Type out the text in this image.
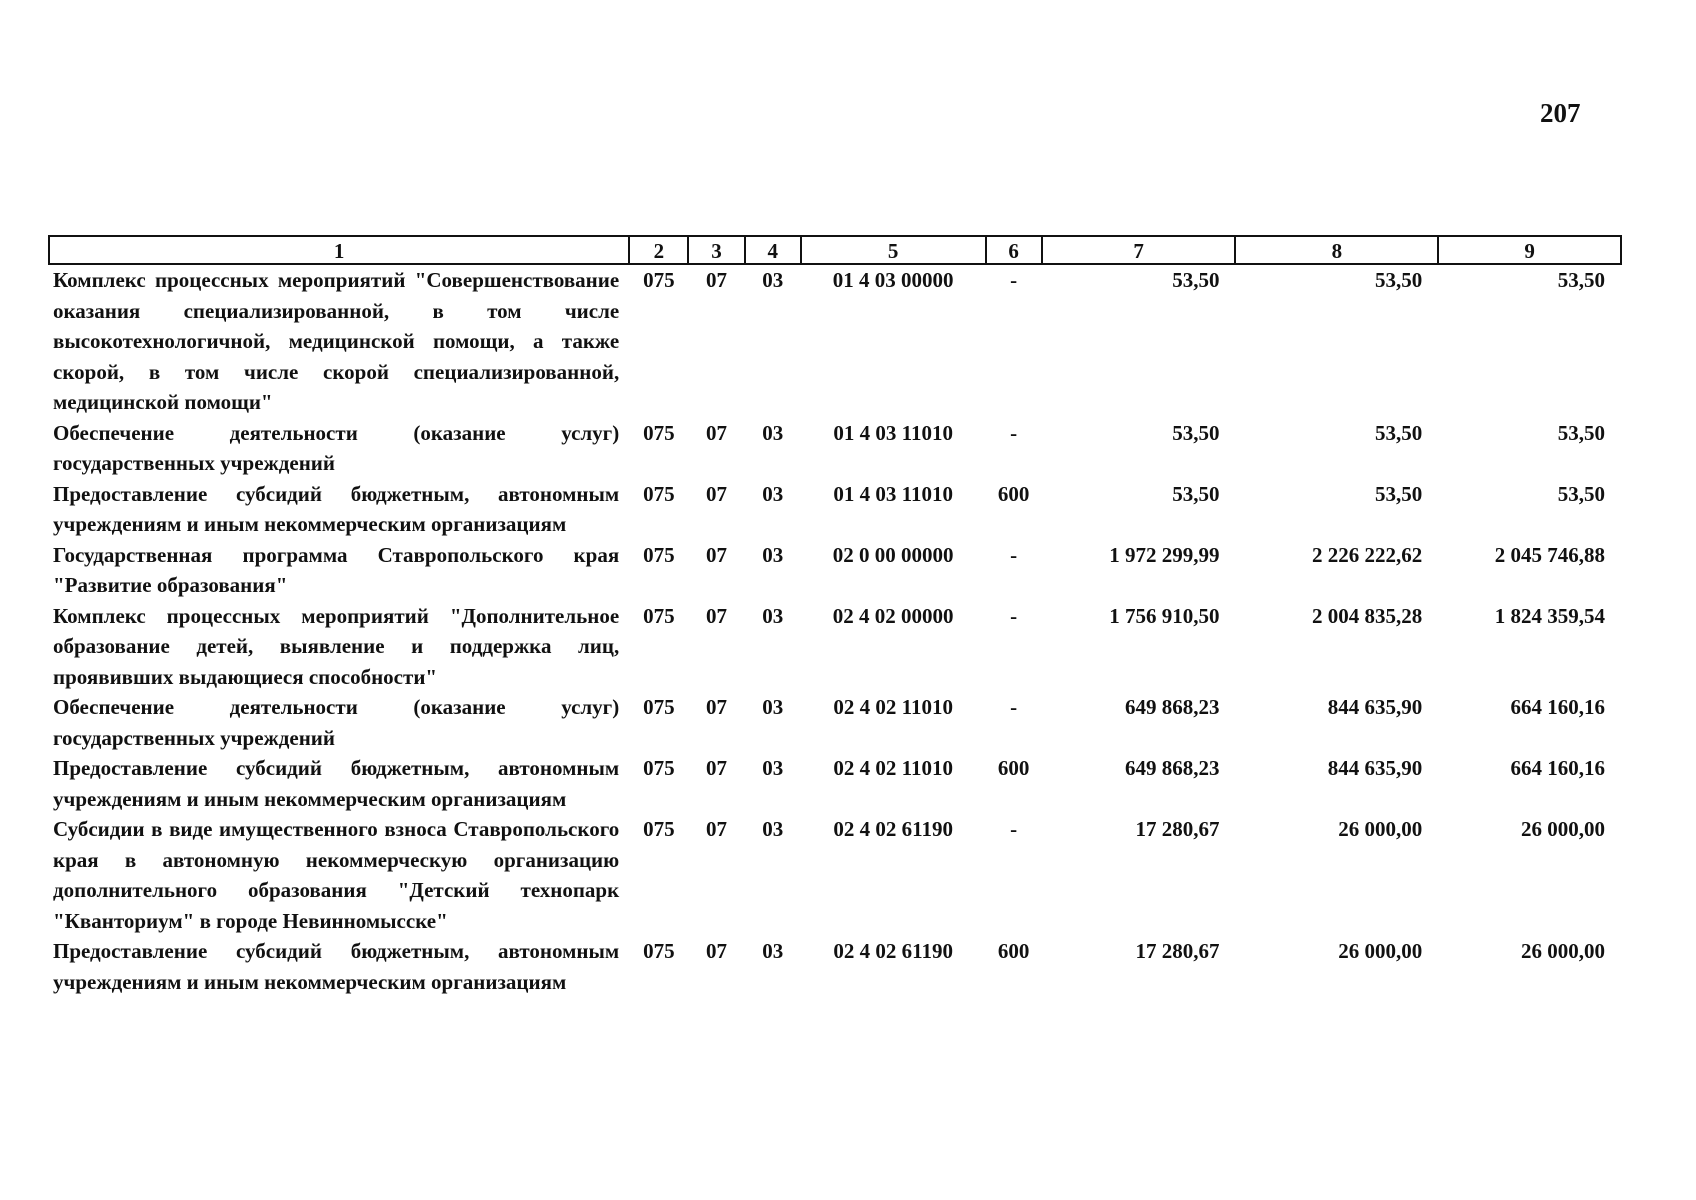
207
1	2	3	4	5	6	7	8	9
Комплекс процессных мероприятий "Совершенствование оказания специализированной, в том числе высокотехнологичной, медицинской помощи, а также скорой, в том числе скорой специализированной, медицинской помощи"	075	07	03	01 4 03 00000	-	53,50	53,50	53,50
Обеспечение деятельности (оказание услуг) государственных учреждений	075	07	03	01 4 03 11010	-	53,50	53,50	53,50
Предоставление субсидий бюджетным, автономным учреждениям и иным некоммерческим организациям	075	07	03	01 4 03 11010	600	53,50	53,50	53,50
Государственная программа Ставропольского края "Развитие образования"	075	07	03	02 0 00 00000	-	1 972 299,99	2 226 222,62	2 045 746,88
Комплекс процессных мероприятий "Дополнительное образование детей, выявление и поддержка лиц, проявивших выдающиеся способности"	075	07	03	02 4 02 00000	-	1 756 910,50	2 004 835,28	1 824 359,54
Обеспечение деятельности (оказание услуг) государственных учреждений	075	07	03	02 4 02 11010	-	649 868,23	844 635,90	664 160,16
Предоставление субсидий бюджетным, автономным учреждениям и иным некоммерческим организациям	075	07	03	02 4 02 11010	600	649 868,23	844 635,90	664 160,16
Субсидии в виде имущественного взноса Ставропольского края в автономную некоммерческую организацию дополнительного образования "Детский технопарк "Кванториум" в городе Невинномысске"	075	07	03	02 4 02 61190	-	17 280,67	26 000,00	26 000,00
Предоставление субсидий бюджетным, автономным учреждениям и иным некоммерческим организациям	075	07	03	02 4 02 61190	600	17 280,67	26 000,00	26 000,00
